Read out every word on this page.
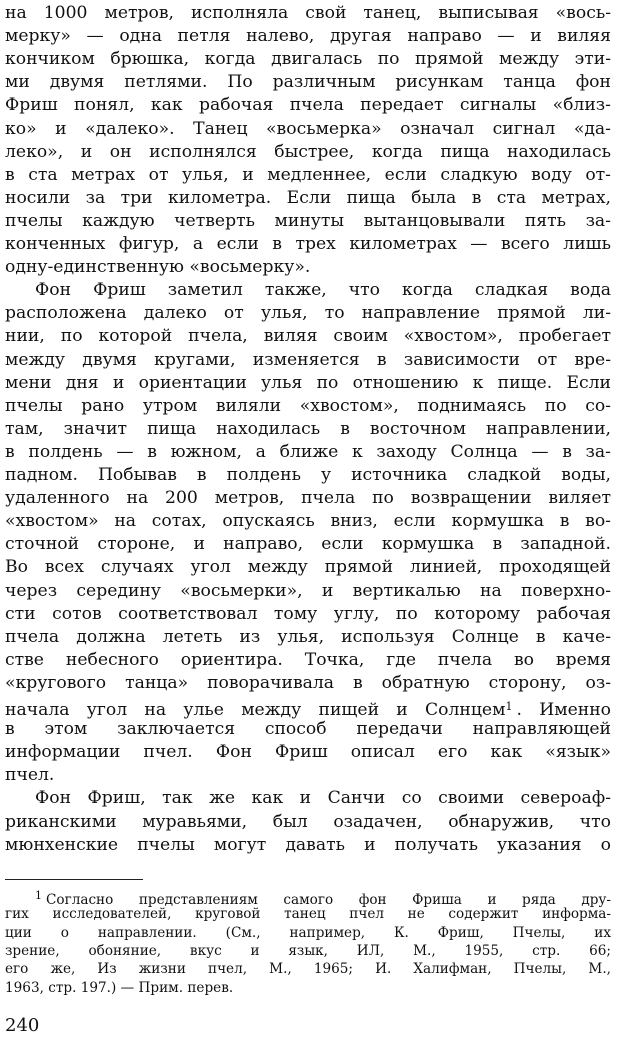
на 1000 метров, исполняла свой танец, выписывая «вось-
мерку» — одна петля налево, другая направо — и виляя
кончиком брюшка, когда двигалась по прямой между эти-
ми двумя петлями. По различным рисункам танца фон
Фриш понял, как рабочая пчела передает сигналы «близ-
ко» и «далеко». Танец «восьмерка» означал сигнал «да-
леко», и он исполнялся быстрее, когда пища находилась
в ста метрах от улья, и медленнее, если сладкую воду от-
носили за три километра. Если пища была в ста метрах,
пчелы каждую четверть минуты вытанцовывали пять за-
конченных фигур, а если в трех километрах — всего лишь
одну-единственную «восьмерку».
Фон Фриш заметил также, что когда сладкая вода
расположена далеко от улья, то направление прямой ли-
нии, по которой пчела, виляя своим «хвостом», пробегает
между двумя кругами, изменяется в зависимости от вре-
мени дня и ориентации улья по отношению к пище. Если
пчелы рано утром виляли «хвостом», поднимаясь по со-
там, значит пища находилась в восточном направлении,
в полдень — в южном, а ближе к заходу Солнца — в за-
падном. Побывав в полдень у источника сладкой воды,
удаленного на 200 метров, пчела по возвращении виляет
«хвостом» на сотах, опускаясь вниз, если кормушка в во-
сточной стороне, и направо, если кормушка в западной.
Во всех случаях угол между прямой линией, проходящей
через середину «восьмерки», и вертикалью на поверхно-
сти сотов соответствовал тому углу, по которому рабочая
пчела должна лететь из улья, используя Солнце в каче-
стве небесного ориентира. Точка, где пчела во время
«кругового танца» поворачивала в обратную сторону, оз-
начала угол на улье между пищей и Солнцем$^1$ . Именно
в этом заключается способ передачи направляющей
информации пчел. Фон Фриш описал его как «язык»
пчел.
Фон Фриш, так же как и Санчи со своими североаф-
риканскими муравьями, был озадачен, обнаружив, что
мюнхенские пчелы могут давать и получать указания о
$^1$ Согласно представлениям самого фон Фриша и ряда дру-
гих исследователей, круговой танец пчел не содержит информа-
ции о направлении. (См., например, К. Фриш, Пчелы, их
зрение, обоняние, вкус и язык, ИЛ, М., 1955, стр. 66;
его же, Из жизни пчел, М., 1965; И. Халифман, Пчелы, М.,
1963, стр. 197.) — Прим. перев.
240
